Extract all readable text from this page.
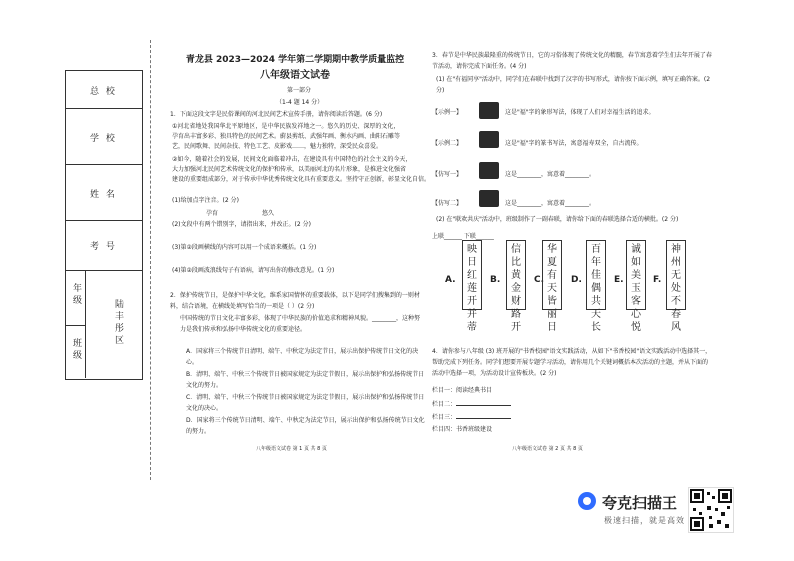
总 校
学 校
姓 名
考 号
年级
班级
陆丰彤区
青龙县 2023—2024 学年第二学期期中教学质量监控
八年级语文试卷
第一部分
（1-4 题 14 分）
1．下面这段文字是民俗课间的河北民间艺术宣传手册，请你阅读后答题。(6 分)
①河北省地处我国华北平原地区，是中华民族发祥地之一。悠久的历史、深厚的文化，
孕育出丰富多彩、独具特色的民间艺术。蔚县剪纸、武强年画、衡水内画、曲阳石雕等
艺，民间歌舞、民间杂技、特色工艺、皮影戏……，魅力独特，深受民众喜爱。
②如今，随着社会的发展，民间文化面临着冲击，在建设具有中国特色的社会主义的今天，
大力加强河北民间艺术传统文化的保护和传承，以美丽河北的名片形象，是推进文化强省
建设的重要组成部分，对于传承中华优秀传统文化具有重要意义。坚持守正创新，彰显文化自信。
(1)给加点字注音。(2 分)
孕育	悠久
(2)文段中有两个错别字，请指出来，并改正。(2 分)
(3)第②段画横线的内容可以用一个成语来概括。(1 分)
(4)第②段画波浪线句子有语病，请写出你的修改意见。(1 分)
2．保护传统节日，是保护中华文化，维系家国情怀的重要载体，以下是同学们搜集到的一则材料，结合语境，在横线处填写恰当的一项是（ ）(2 分)
中国传统的节日文化丰富多彩，体现了中华民族的价值追求和精神风貌。________，这种努力是我们传承和弘扬中华传统文化的重要途径。
A．国家将三个传统节日清明、端午、中秋定为法定节日，展示出保护传统节日文化的决心。
B．清明、端午、中秋三个传统节日被国家规定为法定节假日，展示出保护和弘扬传统节日文化的努力。
C．清明、端午、中秋三个传统节日被国家规定为法定节假日，展示出保护和弘扬传统节日文化的决心。
D．国家将三个传统节日清明、端午、中秋定为法定节日，展示出保护和弘扬传统节日文化的努力。
八年级语文试卷 第 1 页 共 8 页
3．春节是中华民族最隆重的传统节日，它的习俗体现了传统文化的精髓，春节寓意着学生们去年开展了春节活动，请你完成下面任务。(4 分)
(1) 在"有福同享"活动中，同学们在春联中找到了汉字的书写形式，请你按下面示例，填写正确答案。(2 分)
【示例一】	这是"福"字的象形写法，体现了人们对幸福生活的追求。
【示例二】	这是"福"字的篆书写法，寓意福寿双全，自古流传。
【仿写一】	这是________，寓意着________。
【仿写二】	这是________，寓意着________。
(2) 在"联欢共庆"活动中，班级制作了一副春联，请你给下面的春联选择合适的横批。(2 分)
上联______ 下联______
A.
映日红莲开并蒂
B.
信比黄金财路开
C.
华夏有天皆丽日
D.
百年佳偶共天长
E.
诚如美玉客心悦
F.
神州无处不春风
4．请你参与八年级 (3) 班开展的"书香校园"语文实践活动，从如下"书香校园"语文实践活动中选择其一，帮助完成下列任务。同学们想要开展专题学习活动，请你用几个关键词概括本次活动的主题，并从下面的活动中选择一项，为活动设计宣传板块。(2 分)
栏目一：阅读经典书目
栏目二：
栏目三：
栏目四：书香班级建设
八年级语文试卷 第 2 页 共 8 页
夸克扫描王
极速扫描，就是高效
